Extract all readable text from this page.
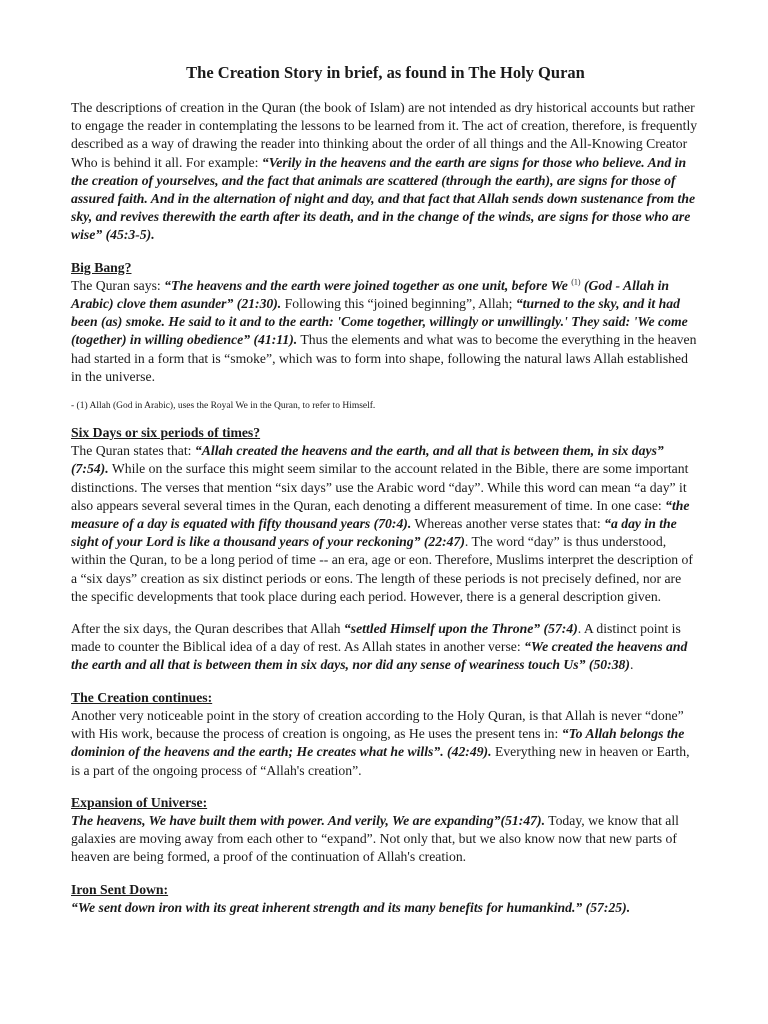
The Creation Story in brief, as found in The Holy Quran

The descriptions of creation in the Quran (the book of Islam) are not intended as dry historical accounts but rather to engage the reader in contemplating the lessons to be learned from it. The act of creation, therefore, is frequently described as a way of drawing the reader into thinking about the order of all things and the All-Knowing Creator Who is behind it all. For example: “Verily in the heavens and the earth are signs for those who believe. And in the creation of yourselves, and the fact that animals are scattered (through the earth), are signs for those of assured faith. And in the alternation of night and day, and that fact that Allah sends down sustenance from the sky, and revives therewith the earth after its death, and in the change of the winds, are signs for those who are wise” (45:3-5).

Big Bang?

The Quran says: “The heavens and the earth were joined together as one unit, before We $^{(1)}$ (God - Allah in Arabic) clove them asunder” (21:30). Following this “joined beginning”, Allah; “turned to the sky, and it had been (as) smoke. He said to it and to the earth: 'Come together, willingly or unwillingly.' They said: 'We come (together) in willing obedience” (41:11). Thus the elements and what was to become the everything in the heaven had started in a form that is “smoke”, which was to form into shape, following the natural laws Allah established in the universe.

- (1) Allah (God in Arabic), uses the Royal We in the Quran, to refer to Himself.

Six Days or six periods of times?

The Quran states that: “Allah created the heavens and the earth, and all that is between them, in six days” (7:54). While on the surface this might seem similar to the account related in the Bible, there are some important distinctions. The verses that mention “six days” use the Arabic word “day”. While this word can mean “a day” it also appears several several times in the Quran, each denoting a different measurement of time. In one case: “the measure of a day is equated with fifty thousand years (70:4). Whereas another verse states that: “a day in the sight of your Lord is like a thousand years of your reckoning” (22:47). The word “day” is thus understood, within the Quran, to be a long period of time -- an era, age or eon. Therefore, Muslims interpret the description of a “six days” creation as six distinct periods or eons. The length of these periods is not precisely defined, nor are the specific developments that took place during each period. However, there is a general description given.

After the six days, the Quran describes that Allah “settled Himself upon the Throne” (57:4). A distinct point is made to counter the Biblical idea of a day of rest. As Allah states in another verse: “We created the heavens and the earth and all that is between them in six days, nor did any sense of weariness touch Us” (50:38).

The Creation continues:

Another very noticeable point in the story of creation according to the Holy Quran, is that Allah is never “done” with His work, because the process of creation is ongoing, as He uses the present tens in: “To Allah belongs the dominion of the heavens and the earth; He creates what he wills”. (42:49). Everything new in heaven or Earth, is a part of the ongoing process of “Allah's creation”.

Expansion of Universe:

The heavens, We have built them with power. And verily, We are expanding”(51:47). Today, we know that all galaxies are moving away from each other to “expand”. Not only that, but we also know now that new parts of heaven are being formed, a proof of the continuation of Allah's creation.

Iron Sent Down:

“We sent down iron with its great inherent strength and its many benefits for humankind.” (57:25).
